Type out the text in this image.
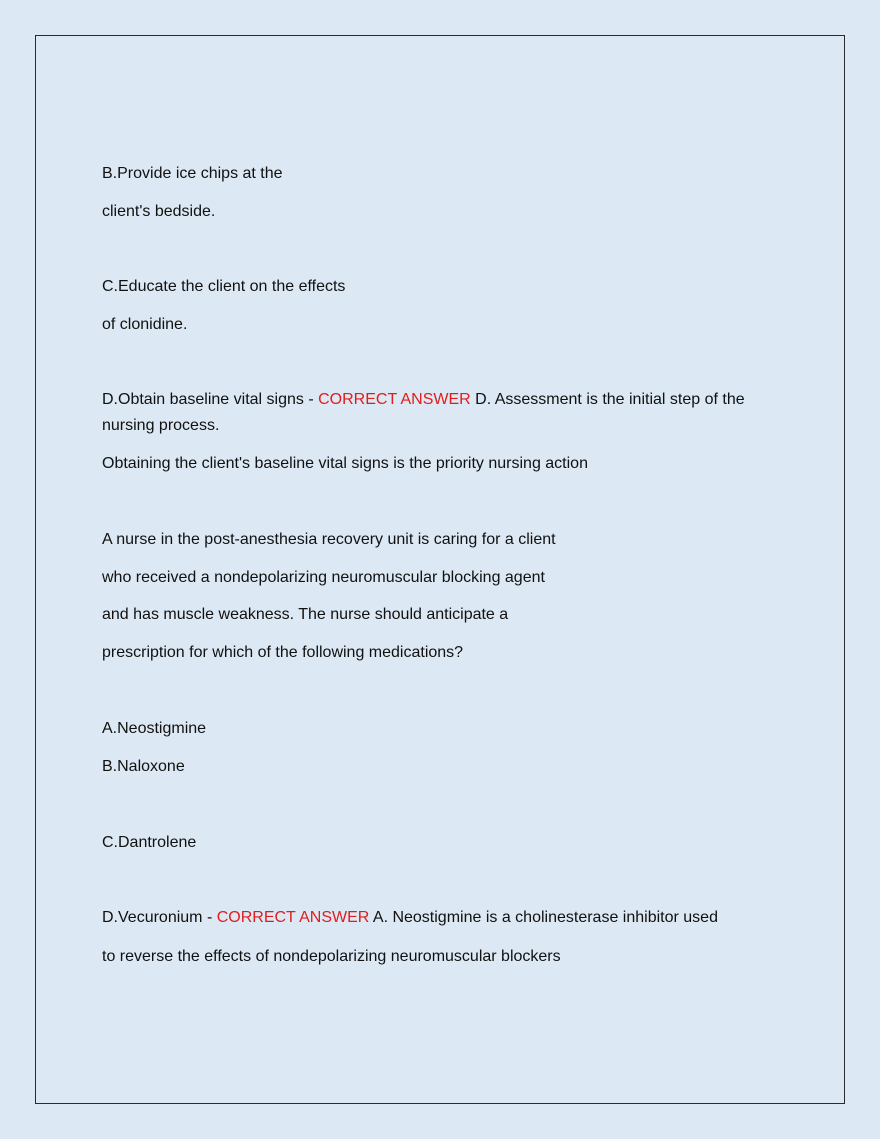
B.Provide ice chips at the

client's bedside.

C.Educate the client on the effects

of clonidine.

D.Obtain baseline vital signs - CORRECT ANSWER D. Assessment is the initial step of the nursing process.

Obtaining the client's baseline vital signs is the priority nursing action

A nurse in the post-anesthesia recovery unit is caring for a client

who received a nondepolarizing neuromuscular blocking agent

and has muscle weakness. The nurse should anticipate a

prescription for which of the following medications?

A.Neostigmine

B.Naloxone

C.Dantrolene

D.Vecuronium - CORRECT ANSWER A. Neostigmine is a cholinesterase inhibitor used

to reverse the effects of nondepolarizing neuromuscular blockers
